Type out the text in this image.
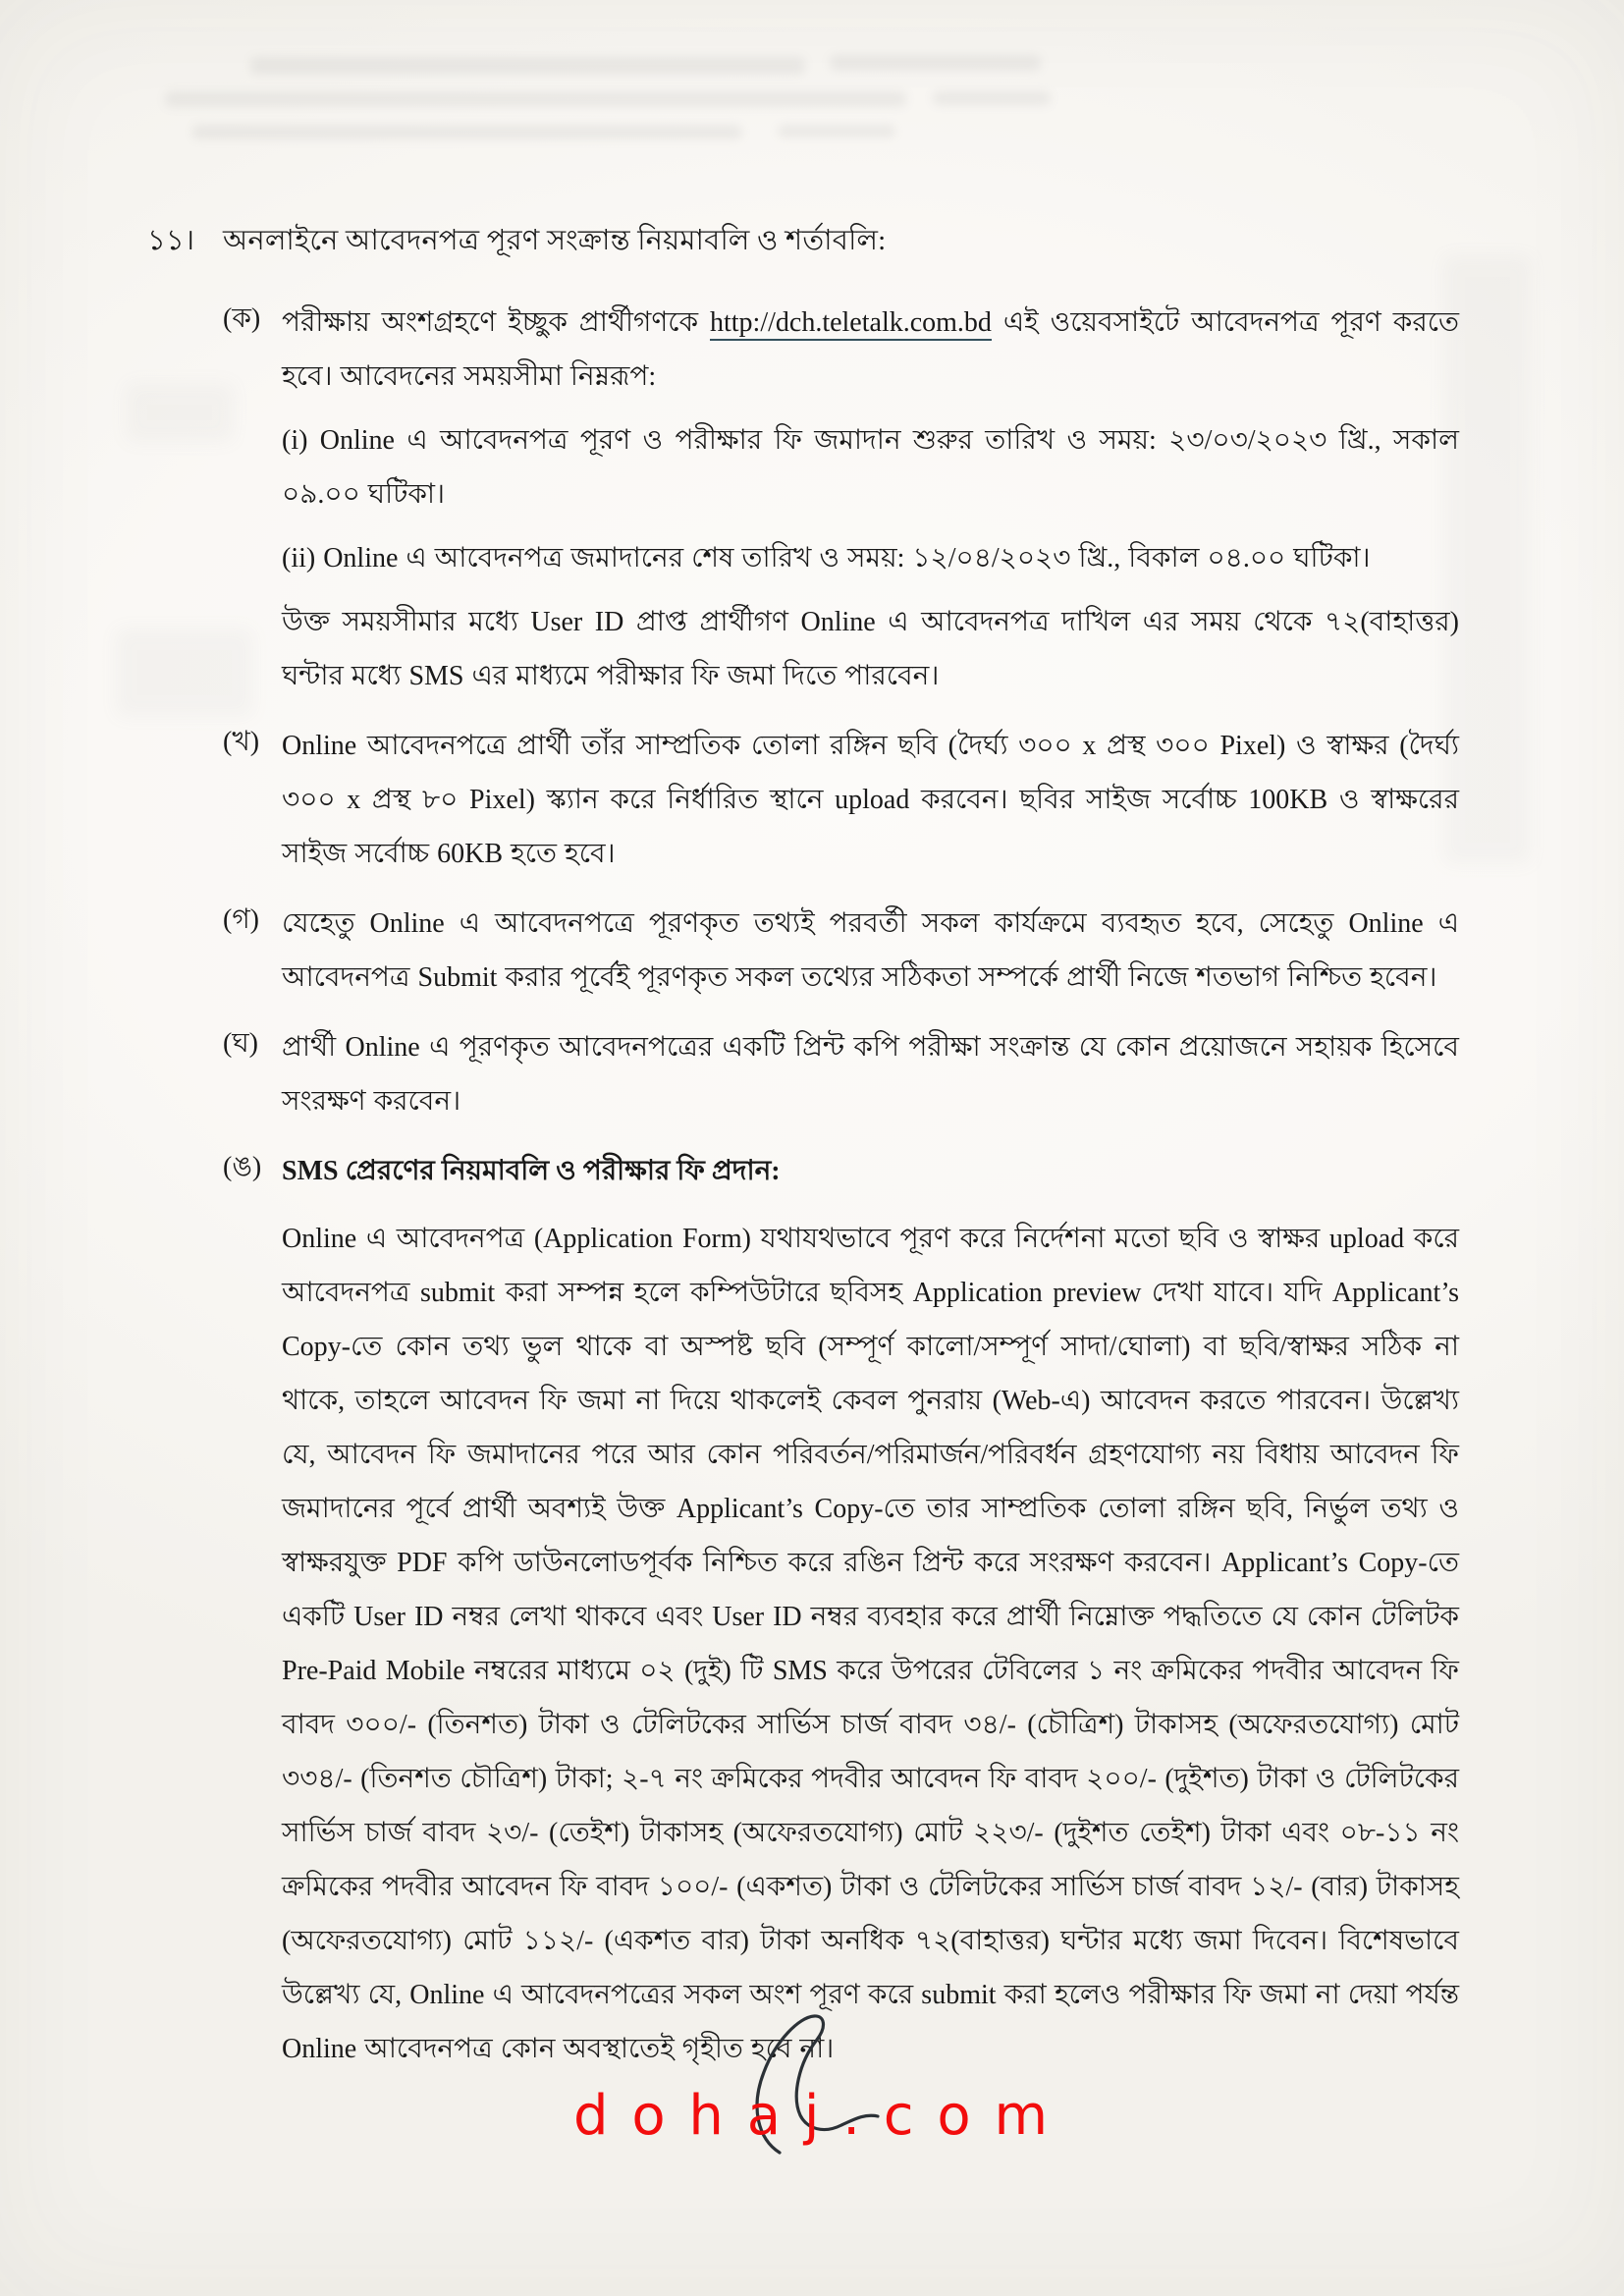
১১। অনলাইনে আবেদনপত্র পূরণ সংক্রান্ত নিয়মাবলি ও শর্তাবলি:
(ক) পরীক্ষায় অংশগ্রহণে ইচ্ছুক প্রার্থীগণকে http://dch.teletalk.com.bd এই ওয়েবসাইটে আবেদনপত্র পূরণ করতে হবে। আবেদনের সময়সীমা নিম্নরূপ:

(i) Online এ আবেদনপত্র পূরণ ও পরীক্ষার ফি জমাদান শুরুর তারিখ ও সময়: ২৩/০৩/২০২৩ খ্রি., সকাল ০৯.০০ ঘটিকা।

(ii) Online এ আবেদনপত্র জমাদানের শেষ তারিখ ও সময়: ১২/০৪/২০২৩ খ্রি., বিকাল ০৪.০০ ঘটিকা।

উক্ত সময়সীমার মধ্যে User ID প্রাপ্ত প্রার্থীগণ Online এ আবেদনপত্র দাখিল এর সময় থেকে ৭২(বাহাত্তর) ঘন্টার মধ্যে SMS এর মাধ্যমে পরীক্ষার ফি জমা দিতে পারবেন।

(খ) Online আবেদনপত্রে প্রার্থী তাঁর সাম্প্রতিক তোলা রঙ্গিন ছবি (দৈর্ঘ্য ৩০০ x প্রস্থ ৩০০ Pixel) ও স্বাক্ষর (দৈর্ঘ্য ৩০০ x প্রস্থ ৮০ Pixel) স্ক্যান করে নির্ধারিত স্থানে upload করবেন। ছবির সাইজ সর্বোচ্চ 100KB ও স্বাক্ষরের সাইজ সর্বোচ্চ 60KB হতে হবে।

(গ) যেহেতু Online এ আবেদনপত্রে পূরণকৃত তথ্যই পরবর্তী সকল কার্যক্রমে ব্যবহৃত হবে, সেহেতু Online এ আবেদনপত্র Submit করার পূর্বেই পূরণকৃত সকল তথ্যের সঠিকতা সম্পর্কে প্রার্থী নিজে শতভাগ নিশ্চিত হবেন।

(ঘ) প্রার্থী Online এ পূরণকৃত আবেদনপত্রের একটি প্রিন্ট কপি পরীক্ষা সংক্রান্ত যে কোন প্রয়োজনে সহায়ক হিসেবে সংরক্ষণ করবেন।

(ঙ) SMS প্রেরণের নিয়মাবলি ও পরীক্ষার ফি প্রদান:

Online এ আবেদনপত্র (Application Form) যথাযথভাবে পূরণ করে নির্দেশনা মতো ছবি ও স্বাক্ষর upload করে আবেদনপত্র submit করা সম্পন্ন হলে কম্পিউটারে ছবিসহ Application preview দেখা যাবে। যদি Applicant’s Copy-তে কোন তথ্য ভুল থাকে বা অস্পষ্ট ছবি (সম্পূর্ণ কালো/সম্পূর্ণ সাদা/ঘোলা) বা ছবি/স্বাক্ষর সঠিক না থাকে, তাহলে আবেদন ফি জমা না দিয়ে থাকলেই কেবল পুনরায় (Web-এ) আবেদন করতে পারবেন। উল্লেখ্য যে, আবেদন ফি জমাদানের পরে আর কোন পরিবর্তন/পরিমার্জন/পরিবর্ধন গ্রহণযোগ্য নয় বিধায় আবেদন ফি জমাদানের পূর্বে প্রার্থী অবশ্যই উক্ত Applicant’s Copy-তে তার সাম্প্রতিক তোলা রঙ্গিন ছবি, নির্ভুল তথ্য ও স্বাক্ষরযুক্ত PDF কপি ডাউনলোডপূর্বক নিশ্চিত করে রঙিন প্রিন্ট করে সংরক্ষণ করবেন। Applicant’s Copy-তে একটি User ID নম্বর লেখা থাকবে এবং User ID নম্বর ব্যবহার করে প্রার্থী নিম্নোক্ত পদ্ধতিতে যে কোন টেলিটক Pre-Paid Mobile নম্বরের মাধ্যমে ০২ (দুই) টি SMS করে উপরের টেবিলের ১ নং ক্রমিকের পদবীর আবেদন ফি বাবদ ৩০০/- (তিনশত) টাকা ও টেলিটকের সার্ভিস চার্জ বাবদ ৩৪/- (চৌত্রিশ) টাকাসহ (অফেরতযোগ্য) মোট ৩৩৪/- (তিনশত চৌত্রিশ) টাকা; ২-৭ নং ক্রমিকের পদবীর আবেদন ফি বাবদ ২০০/- (দুইশত) টাকা ও টেলিটকের সার্ভিস চার্জ বাবদ ২৩/- (তেইশ) টাকাসহ (অফেরতযোগ্য) মোট ২২৩/- (দুইশত তেইশ) টাকা এবং ০৮-১১ নং ক্রমিকের পদবীর আবেদন ফি বাবদ ১০০/- (একশত) টাকা ও টেলিটকের সার্ভিস চার্জ বাবদ ১২/- (বার) টাকাসহ (অফেরতযোগ্য) মোট ১১২/- (একশত বার) টাকা অনধিক ৭২(বাহাত্তর) ঘন্টার মধ্যে জমা দিবেন। বিশেষভাবে উল্লেখ্য যে, Online এ আবেদনপত্রের সকল অংশ পূরণ করে submit করা হলেও পরীক্ষার ফি জমা না দেয়া পর্যন্ত Online আবেদনপত্র কোন অবস্থাতেই গৃহীত হবে না।

d o h a j . c o m
